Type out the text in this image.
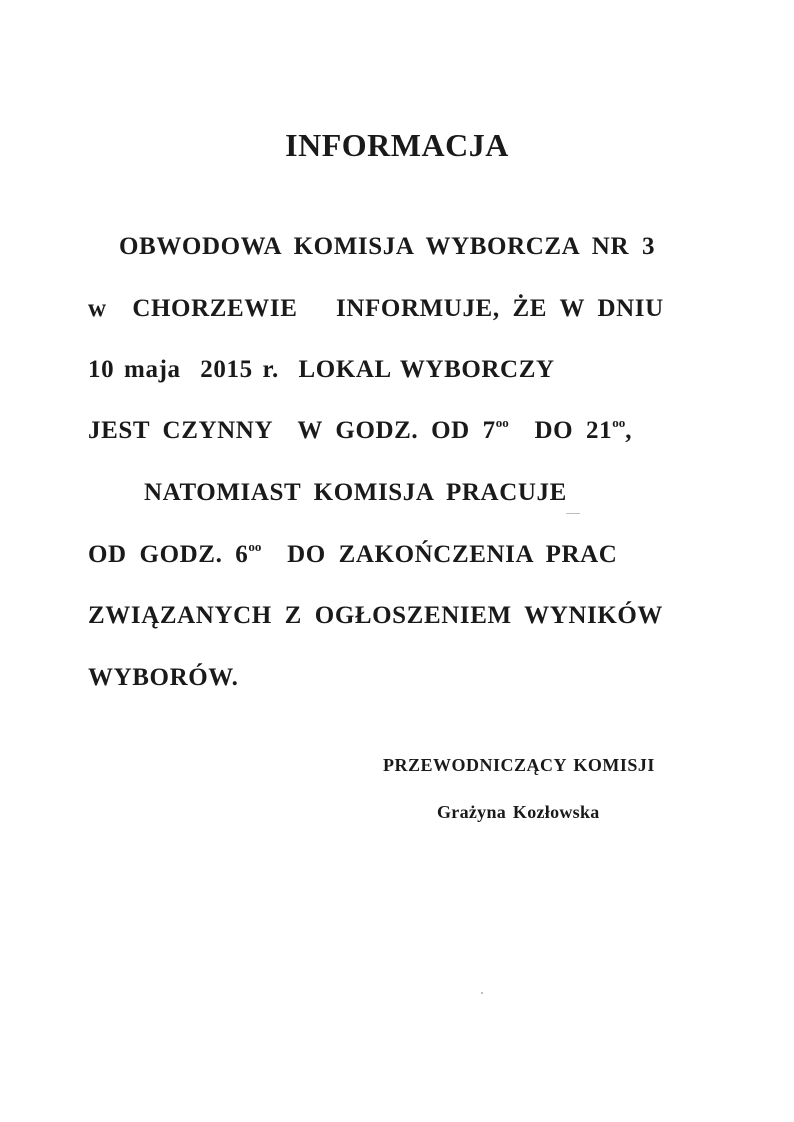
INFORMACJA

OBWODOWA KOMISJA WYBORCZA NR 3

w  CHORZEWIE   INFORMUJE, ŻE W DNIU

10 maja  2015 r.  LOKAL WYBORCZY

JEST CZYNNY  W GODZ. OD $7^{oo}$  DO $21^{oo}$,

NATOMIAST KOMISJA PRACUJE

OD GODZ. $6^{oo}$  DO ZAKOŃCZENIA PRAC

ZWIĄZANYCH Z OGŁOSZENIEM WYNIKÓW

WYBORÓW.

PRZEWODNICZĄCY KOMISJI

Grażyna Kozłowska
